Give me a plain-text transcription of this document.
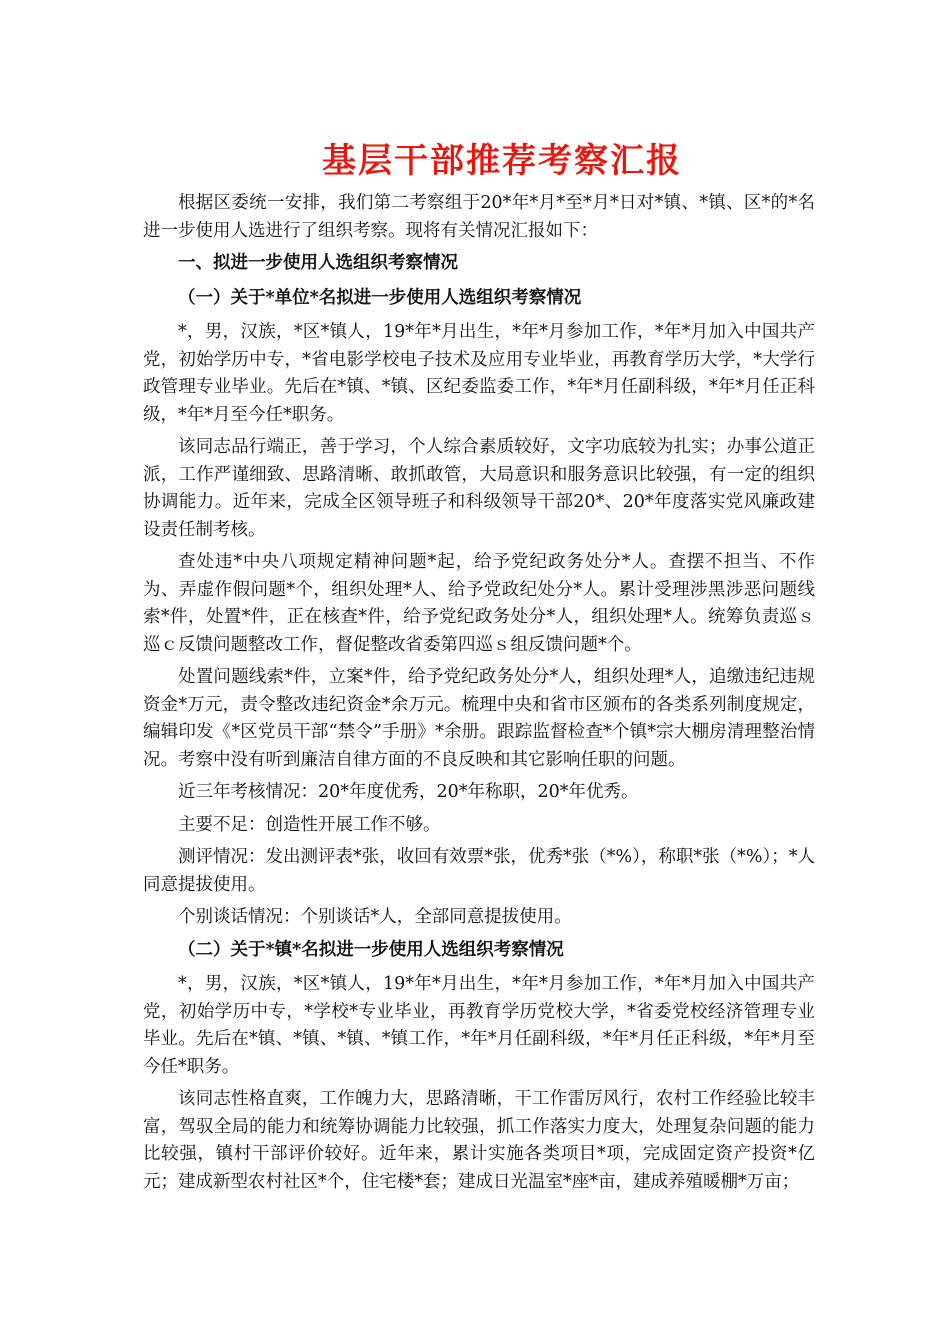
基层干部推荐考察汇报

根据区委统一安排，我们第二考察组于20*年*月*至*月*日对*镇、*镇、区*的*名进一步使用人选进行了组织考察。现将有关情况汇报如下：

一、拟进一步使用人选组织考察情况

（一）关于*单位*名拟进一步使用人选组织考察情况

*，男，汉族，*区*镇人，19*年*月出生，*年*月参加工作，*年*月加入中国共产党，初始学历中专，*省电影学校电子技术及应用专业毕业，再教育学历大学，*大学行政管理专业毕业。先后在*镇、*镇、区纪委监委工作，*年*月任副科级，*年*月任正科级，*年*月至今任*职务。

该同志品行端正，善于学习，个人综合素质较好，文字功底较为扎实；办事公道正派，工作严谨细致、思路清晰、敢抓敢管，大局意识和服务意识比较强，有一定的组织协调能力。近年来，完成全区领导班子和科级领导干部20*、20*年度落实党风廉政建设责任制考核。

查处违*中央八项规定精神问题*起，给予党纪政务处分*人。查摆不担当、不作为、弄虚作假问题*个，组织处理*人、给予党政纪处分*人。累计受理涉黑涉恶问题线索*件，处置*件，正在核查*件，给予党纪政务处分*人，组织处理*人。统筹负责巡ｓ巡ｃ反馈问题整改工作，督促整改省委第四巡ｓ组反馈问题*个。

处置问题线索*件，立案*件，给予党纪政务处分*人，组织处理*人，追缴违纪违规资金*万元，责令整改违纪资金*余万元。梳理中央和省市区颁布的各类系列制度规定，编辑印发《*区党员干部“禁令”手册》*余册。跟踪监督检查*个镇*宗大棚房清理整治情况。考察中没有听到廉洁自律方面的不良反映和其它影响任职的问题。

近三年考核情况：20*年度优秀，20*年称职，20*年优秀。

主要不足：创造性开展工作不够。

测评情况：发出测评表*张，收回有效票*张，优秀*张（*%），称职*张（*%）；*人同意提拔使用。

个别谈话情况：个别谈话*人，全部同意提拔使用。

（二）关于*镇*名拟进一步使用人选组织考察情况

*，男，汉族，*区*镇人，19*年*月出生，*年*月参加工作，*年*月加入中国共产党，初始学历中专，*学校*专业毕业，再教育学历党校大学，*省委党校经济管理专业毕业。先后在*镇、*镇、*镇、*镇工作，*年*月任副科级，*年*月任正科级，*年*月至今任*职务。

该同志性格直爽，工作魄力大，思路清晰，干工作雷厉风行，农村工作经验比较丰富，驾驭全局的能力和统筹协调能力比较强，抓工作落实力度大，处理复杂问题的能力比较强，镇村干部评价较好。近年来，累计实施各类项目*项，完成固定资产投资*亿元；建成新型农村社区*个，住宅楼*套；建成日光温室*座*亩，建成养殖暖棚*万亩；
